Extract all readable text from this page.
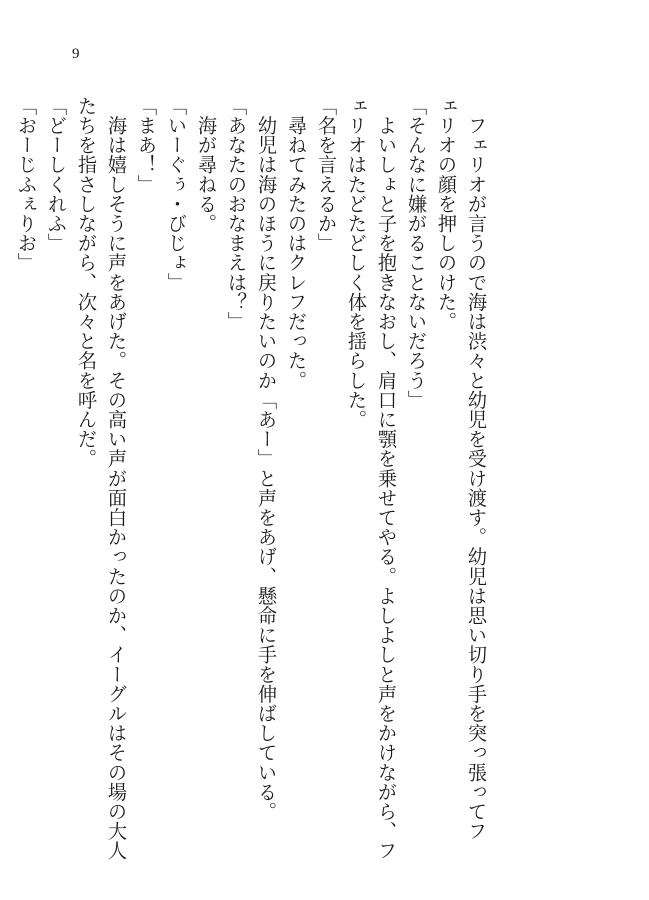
9

　フェリオが言うので海は渋々と幼児を受け渡す。幼児は思い切り手を突っ張ってフ

ェリオの顔を押しのけた。

「そんなに嫌がることないだろう」

　よいしょと子を抱きなおし、肩口に顎を乗せてやる。よしよしと声をかけながら、フ

ェリオはたどたどしく体を揺らした。

「名を言えるか」

　尋ねてみたのはクレフだった。

　幼児は海のほうに戻りたいのか「あー」と声をあげ、懸命に手を伸ばしている。

「あなたのおなまえは？」

　海が尋ねる。

「いーぐぅ・びじょ」

「まあ！」

　海は嬉しそうに声をあげた。その高い声が面白かったのか、イーグルはその場の大人

たちを指さしながら、次々と名を呼んだ。

「どーしくれふ」

「おーじふぇりお」
